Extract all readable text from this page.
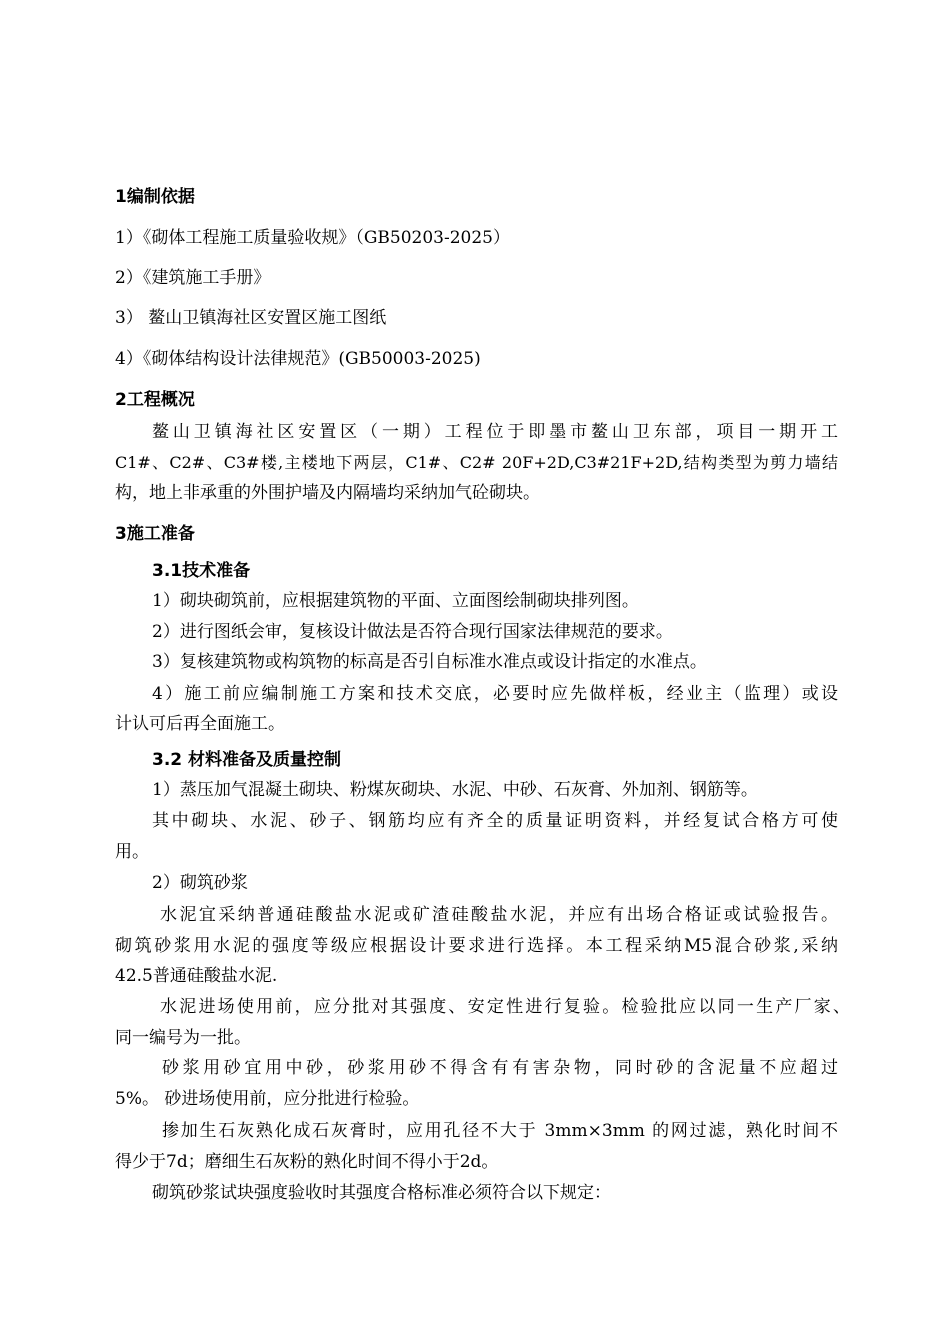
1编制依据
1）《砌体工程施工质量验收规》（GB50203-2025）
2）《建筑施工手册》
3） 鳌山卫镇海社区安置区施工图纸
4）《砌体结构设计法律规范》(GB50003-2025)
2工程概况
鳌山卫镇海社区安置区（一期）工程位于即墨市鳌山卫东部，项目一期开工
C1#、C2#、C3#楼,主楼地下两层，C1#、C2# 20F+2D,C3#21F+2D,结构类型为剪力墙结
构，地上非承重的外围护墙及内隔墙均采纳加气砼砌块。
3施工准备
3.1技术准备
1）砌块砌筑前，应根据建筑物的平面、立面图绘制砌块排列图。
2）进行图纸会审，复核设计做法是否符合现行国家法律规范的要求。
3）复核建筑物或构筑物的标高是否引自标准水准点或设计指定的水准点。
4）施工前应编制施工方案和技术交底，必要时应先做样板，经业主（监理）或设
计认可后再全面施工。
3.2 材料准备及质量控制
1）蒸压加气混凝土砌块、粉煤灰砌块、水泥、中砂、石灰膏、外加剂、钢筋等。
其中砌块、水泥、砂子、钢筋均应有齐全的质量证明资料，并经复试合格方可使
用。
2）砌筑砂浆
水泥宜采纳普通硅酸盐水泥或矿渣硅酸盐水泥，并应有出场合格证或试验报告。
砌筑砂浆用水泥的强度等级应根据设计要求进行选择。本工程采纳M5混合砂浆,采纳
42.5普通硅酸盐水泥.
水泥进场使用前，应分批对其强度、安定性进行复验。检验批应以同一生产厂家、
同一编号为一批。
砂浆用砂宜用中砂，砂浆用砂不得含有有害杂物，同时砂的含泥量不应超过
5%。 砂进场使用前，应分批进行检验。
掺加生石灰熟化成石灰膏时，应用孔径不大于 3mm×3mm 的网过滤，熟化时间不
得少于7d；磨细生石灰粉的熟化时间不得小于2d。
砌筑砂浆试块强度验收时其强度合格标准必须符合以下规定：
